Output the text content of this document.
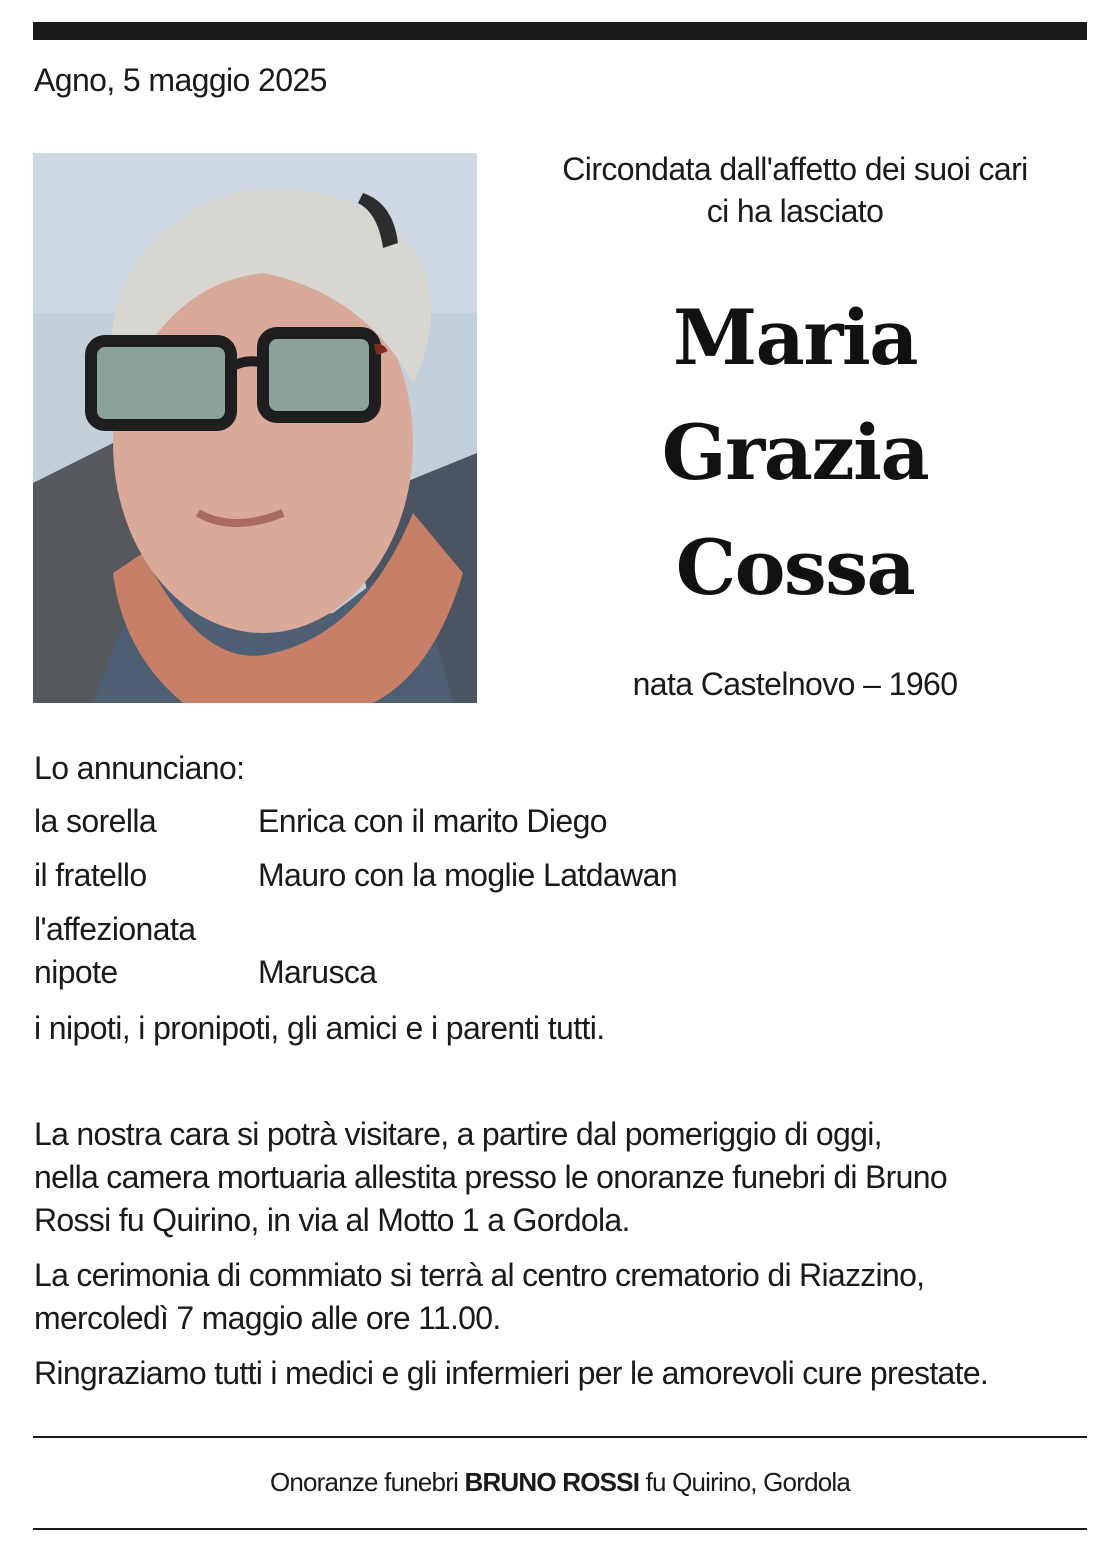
Agno, 5 maggio 2025
Circondata dall'affetto dei suoi cari
ci ha lasciato
Maria
Grazia
Cossa
nata Castelnovo – 1960
Lo annunciano:
la sorella	Enrica con il marito Diego
il fratello	Mauro con la moglie Latdawan
l'affezionata
nipote	Marusca
i nipoti, i pronipoti, gli amici e i parenti tutti.

La nostra cara si potrà visitare, a partire dal pomeriggio di oggi,
nella camera mortuaria allestita presso le onoranze funebri di Bruno
Rossi fu Quirino, in via al Motto 1 a Gordola.

La cerimonia di commiato si terrà al centro crematorio di Riazzino,
mercoledì 7 maggio alle ore 11.00.

Ringraziamo tutti i medici e gli infermieri per le amorevoli cure prestate.

Onoranze funebri BRUNO ROSSI fu Quirino, Gordola
